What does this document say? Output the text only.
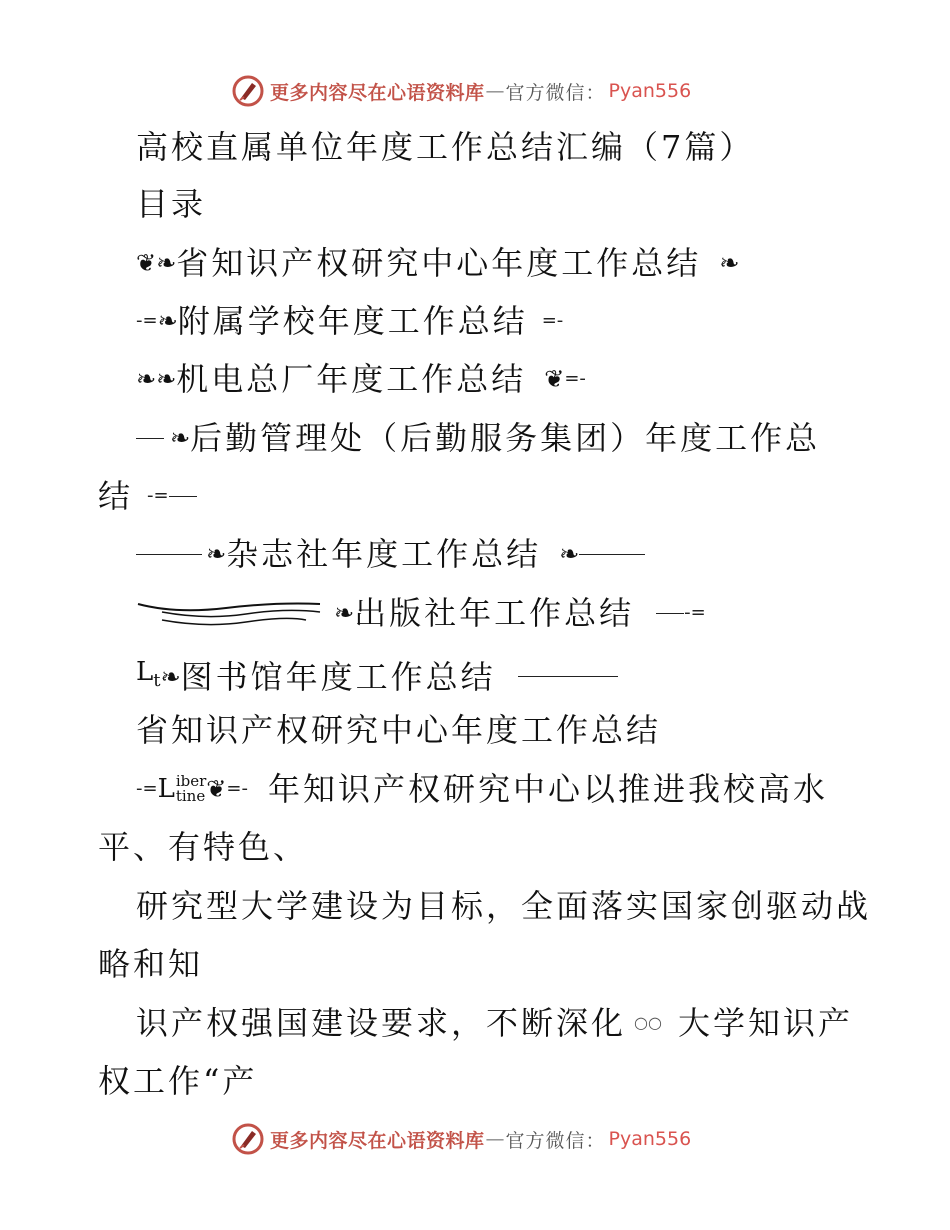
更多内容尽在心语资料库 — 官方微信： Pyan556
高校直属单位年度工作总结汇编（7篇）
目录
❦❧ 省知识产权研究中心年度工作总结 ❧
-= ❧ 附属学校年度工作总结 =-
❧❧ 机电总厂年度工作总结 ❦ =-
❧ 后勤管理处（后勤服务集团）年度工作总
结 -=
❧ 杂志社年度工作总结 ❧
❧ 出版社年工作总结	-=
$L_t$ ❧ 图书馆年度工作总结
省知识产权研究中心年度工作总结
-= L iber
tine ❦ =- 年知识产权研究中心以推进我校高水
平、有特色、
研究型大学建设为目标，全面落实国家创驱动战
略和知
识产权强国建设要求，不断深化 ○○ 大学知识产
权工作“产
更多内容尽在心语资料库 — 官方微信： Pyan556
